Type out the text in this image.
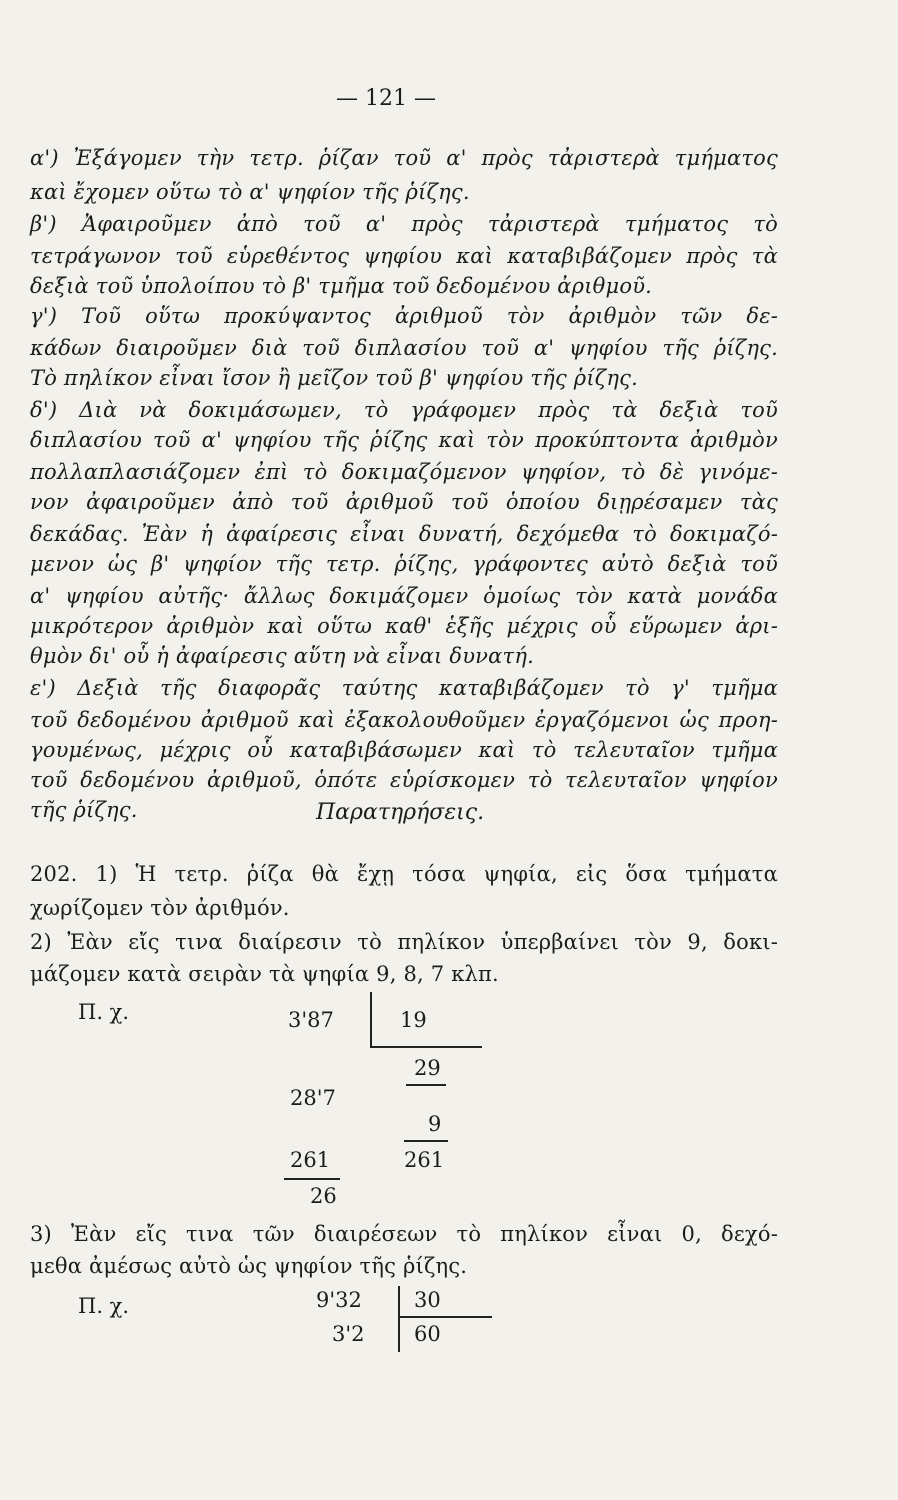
— 121 —
α') Ἐξάγομεν τὴν τετρ. ῥίζαν τοῦ α' πρὸς τἀριστερὰ τμήματος
καὶ ἔχομεν οὕτω τὸ α' ψηφίον τῆς ῥίζης.
β') Ἀφαιροῦμεν ἀπὸ τοῦ α' πρὸς τἀριστερὰ τμήματος τὸ
τετράγωνον τοῦ εὑρεθέντος ψηφίου καὶ καταβιβάζομεν πρὸς τὰ
δεξιὰ τοῦ ὑπολοίπου τὸ β' τμῆμα τοῦ δεδομένου ἀριθμοῦ.
γ') Τοῦ οὕτω προκύψαντος ἀριθμοῦ τὸν ἀριθμὸν τῶν δε-
κάδων διαιροῦμεν διὰ τοῦ διπλασίου τοῦ α' ψηφίου τῆς ῥίζης.
Τὸ πηλίκον εἶναι ἴσον ἢ μεῖζον τοῦ β' ψηφίου τῆς ῥίζης.
δ') Διὰ νὰ δοκιμάσωμεν, τὸ γράφομεν πρὸς τὰ δεξιὰ τοῦ
διπλασίου τοῦ α' ψηφίου τῆς ῥίζης καὶ τὸν προκύπτοντα ἀριθμὸν
πολλαπλασιάζομεν ἐπὶ τὸ δοκιμαζόμενον ψηφίον, τὸ δὲ γινόμε-
νον ἀφαιροῦμεν ἀπὸ τοῦ ἀριθμοῦ τοῦ ὁποίου διῃρέσαμεν τὰς
δεκάδας. Ἐὰν ἡ ἀφαίρεσις εἶναι δυνατή, δεχόμεθα τὸ δοκιμαζό-
μενον ὡς β' ψηφίον τῆς τετρ. ῥίζης, γράφοντες αὐτὸ δεξιὰ τοῦ
α' ψηφίου αὐτῆς· ἄλλως δοκιμάζομεν ὁμοίως τὸν κατὰ μονάδα
μικρότερον ἀριθμὸν καὶ οὕτω καθ' ἑξῆς μέχρις οὗ εὕρωμεν ἀρι-
θμὸν δι' οὗ ἡ ἀφαίρεσις αὕτη νὰ εἶναι δυνατή.
ε') Δεξιὰ τῆς διαφορᾶς ταύτης καταβιβάζομεν τὸ γ' τμῆμα
τοῦ δεδομένου ἀριθμοῦ καὶ ἐξακολουθοῦμεν ἐργαζόμενοι ὡς προη-
γουμένως, μέχρις οὗ καταβιβάσωμεν καὶ τὸ τελευταῖον τμῆμα
τοῦ δεδομένου ἀριθμοῦ, ὁπότε εὑρίσκομεν τὸ τελευταῖον ψηφίον
τῆς ῥίζης.	Παρατηρήσεις.
202. 1) Ἡ τετρ. ῥίζα θὰ ἔχῃ τόσα ψηφία, εἰς ὅσα τμήματα
χωρίζομεν τὸν ἀριθμόν.
2) Ἐὰν εἴς τινα διαίρεσιν τὸ πηλίκον ὑπερβαίνει τὸν 9, δοκι-
μάζομεν κατὰ σειρὰν τὰ ψηφία 9, 8, 7 κλπ.
Π. χ.	3'87	19
29
28'7
9
261	261
26
3) Ἐὰν εἴς τινα τῶν διαιρέσεων τὸ πηλίκον εἶναι 0, δεχό-
μεθα ἀμέσως αὐτὸ ὡς ψηφίον τῆς ῥίζης.
Π. χ.	9'32 30
3'2 60
